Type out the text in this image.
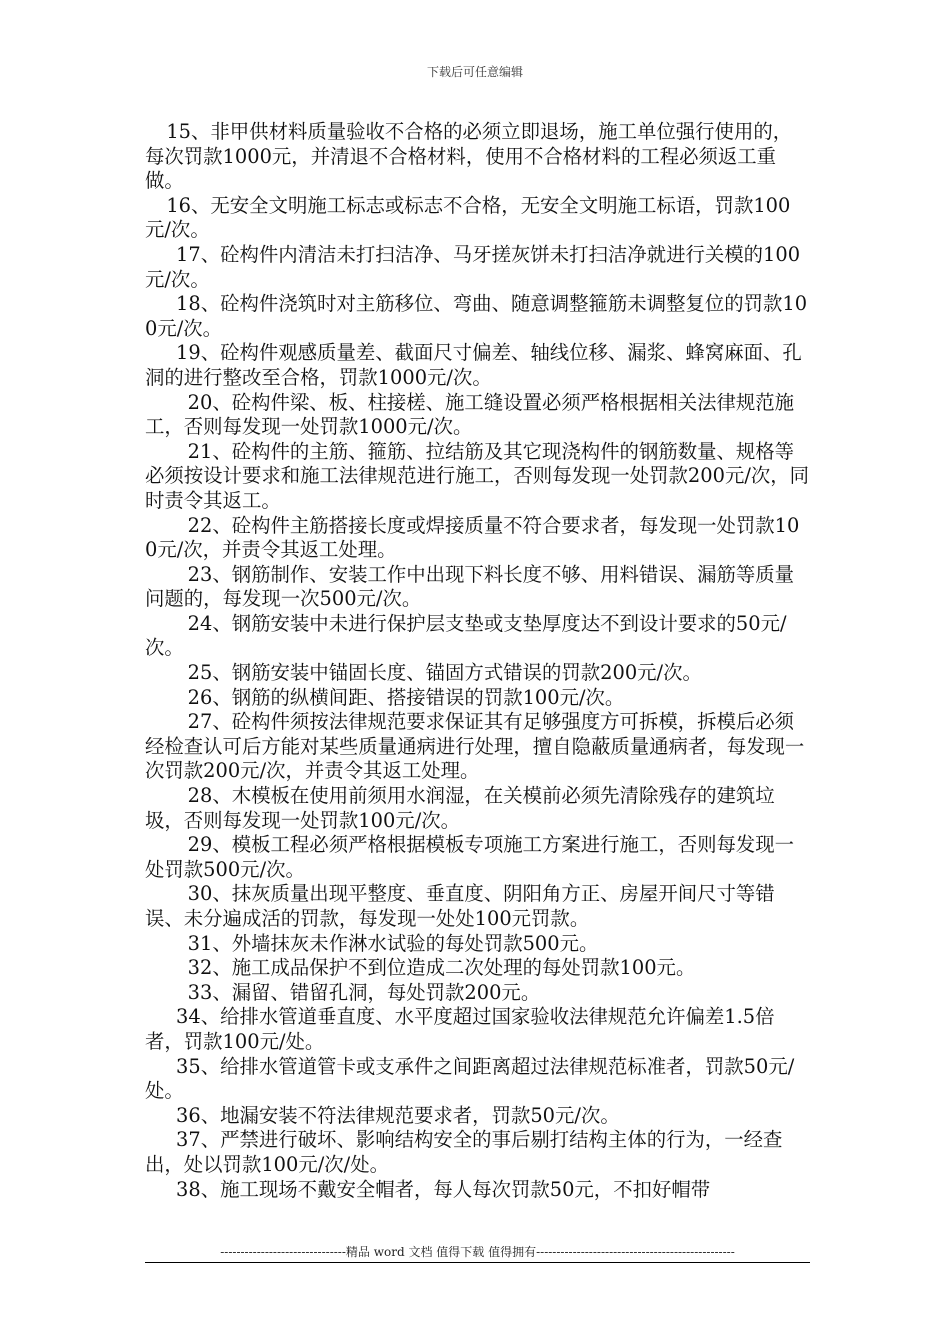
下载后可任意编辑

15、非甲供材料质量验收不合格的必须立即退场，施工单位强行使用的，每次罚款1000元，并清退不合格材料，使用不合格材料的工程必须返工重做。

16、无安全文明施工标志或标志不合格，无安全文明施工标语，罚款100元/次。

17、砼构件内清洁未打扫洁净、马牙搓灰饼未打扫洁净就进行关模的100元/次。

18、砼构件浇筑时对主筋移位、弯曲、随意调整箍筋未调整复位的罚款100元/次。

19、砼构件观感质量差、截面尺寸偏差、轴线位移、漏浆、蜂窝麻面、孔洞的进行整改至合格，罚款1000元/次。

20、砼构件梁、板、柱接槎、施工缝设置必须严格根据相关法律规范施工，否则每发现一处罚款1000元/次。

21、砼构件的主筋、箍筋、拉结筋及其它现浇构件的钢筋数量、规格等必须按设计要求和施工法律规范进行施工，否则每发现一处罚款200元/次，同时责令其返工。

22、砼构件主筋搭接长度或焊接质量不符合要求者，每发现一处罚款100元/次，并责令其返工处理。

23、钢筋制作、安装工作中出现下料长度不够、用料错误、漏筋等质量问题的，每发现一次500元/次。

24、钢筋安装中未进行保护层支垫或支垫厚度达不到设计要求的50元/次。

25、钢筋安装中锚固长度、锚固方式错误的罚款200元/次。

26、钢筋的纵横间距、搭接错误的罚款100元/次。

27、砼构件须按法律规范要求保证其有足够强度方可拆模，拆模后必须经检查认可后方能对某些质量通病进行处理，擅自隐蔽质量通病者，每发现一次罚款200元/次，并责令其返工处理。

28、木模板在使用前须用水润湿，在关模前必须先清除残存的建筑垃圾，否则每发现一处罚款100元/次。

29、模板工程必须严格根据模板专项施工方案进行施工，否则每发现一处罚款500元/次。

30、抹灰质量出现平整度、垂直度、阴阳角方正、房屋开间尺寸等错误、未分遍成活的罚款，每发现一处处100元罚款。

31、外墙抹灰未作淋水试验的每处罚款500元。

32、施工成品保护不到位造成二次处理的每处罚款100元。

33、漏留、错留孔洞，每处罚款200元。

34、给排水管道垂直度、水平度超过国家验收法律规范允许偏差1.5倍者，罚款100元/处。

35、给排水管道管卡或支承件之间距离超过法律规范标准者，罚款50元/处。

36、地漏安装不符法律规范要求者，罚款50元/次。

37、严禁进行破坏、影响结构安全的事后剔打结构主体的行为，一经查出，处以罚款100元/次/处。

38、施工现场不戴安全帽者，每人每次罚款50元，不扣好帽带

-------------------------------精品 word 文档 值得下载 值得拥有-------------------------------------------------
